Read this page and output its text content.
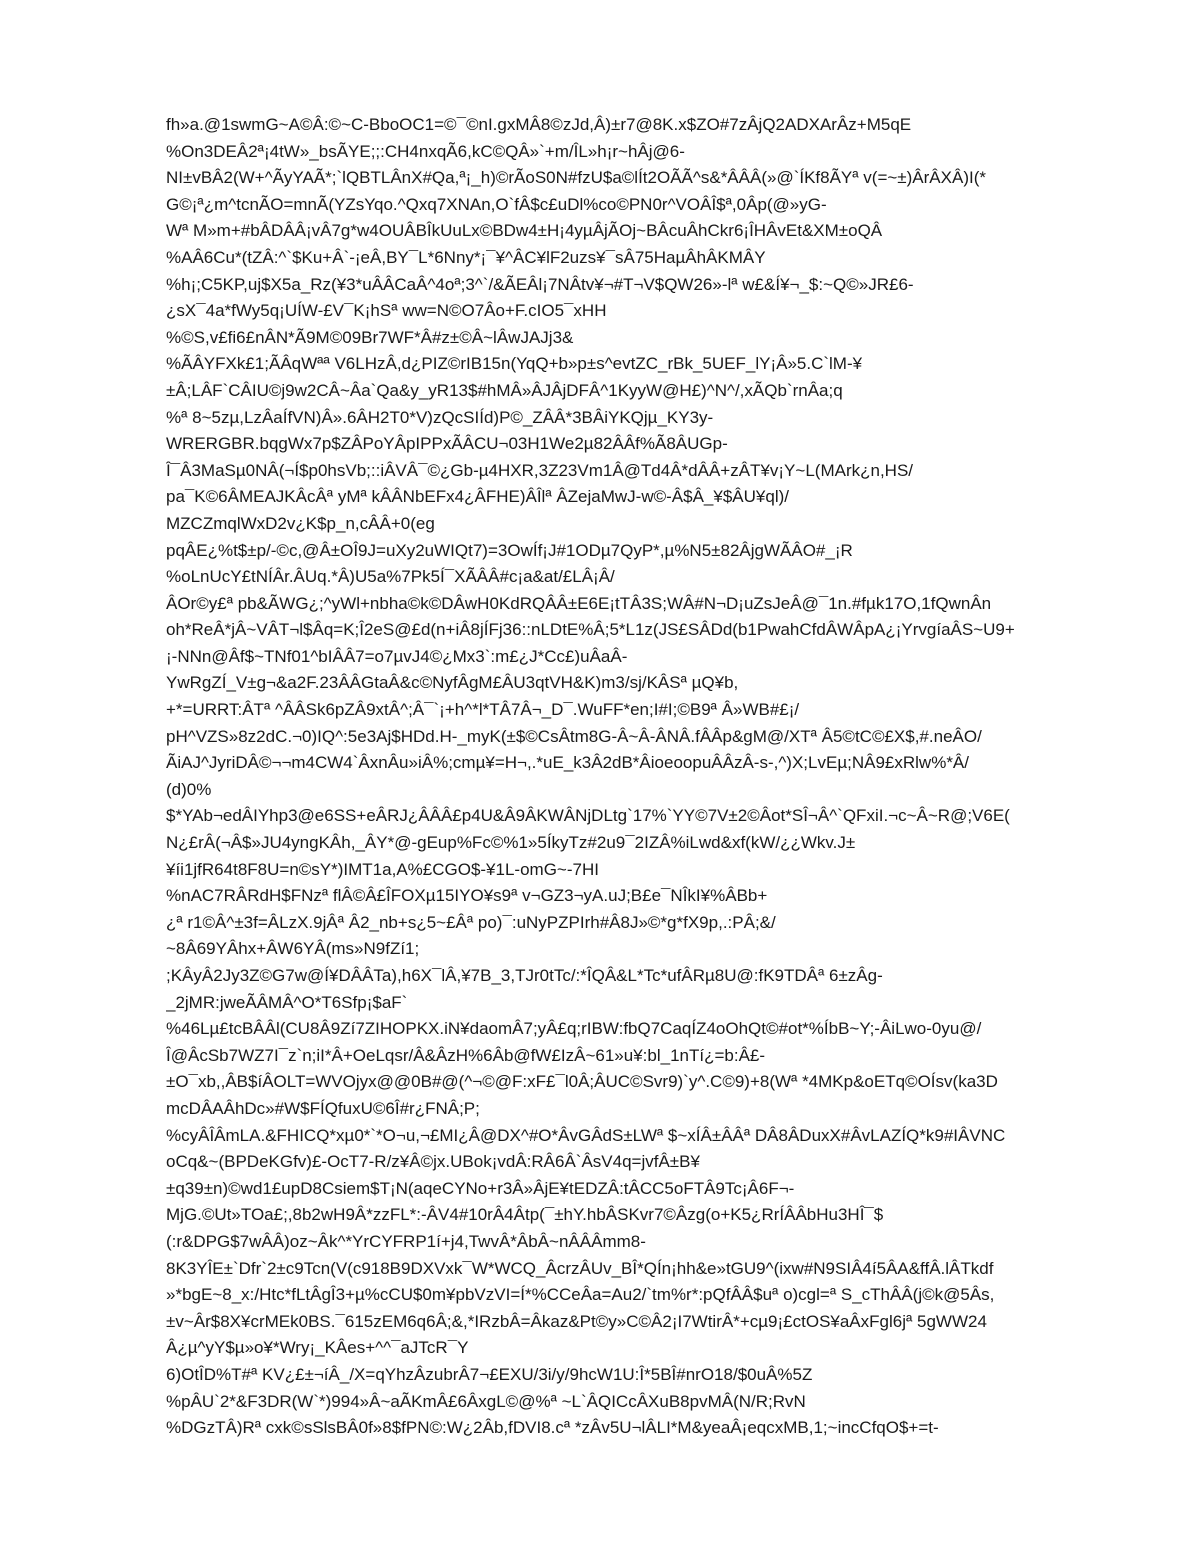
fh»a.@1swmG~A©Â:©~C-BboOC1=©¯©nI.gxMÂ8©zJd,Â)±r7@8K.x$ZO#7zÂjQ2ADXArÂz+M5qE
%On3DEÂ2ª¡4tW»_bsÃYE;;:CH4nxqÃ6,kC©QÂ»`+m/ÎL»h¡r~hÂj@6-
NI±vBÂ2(W+^ÃyYAÃ*;`lQBTLÂnX#Qa,ª¡_h)©rÃoS0N#fzU$a©lÍt2OÃÃ^s&*ÂÂÂ(»@`ÍKf8ÃYª v(=~±)ÂrÂXÂ)I(*
G©¡ª¿m^tcnÃO=mnÃ(YZsYqo.^Qxq7XNAn,O`fÂ$c£uDl%co©PN0r^VOÂÎ$ª,0Âp(@»yG-
Wª M»m+#bÂDÂÂ¡vÂ7g*w4OUÂBÎkUuLx©BDw4±H¡4yµÂjÃOj~BÂcuÂhCkr6¡ÎHÂvEt&XM±oQÂ
%AÂ6Cu*(tZÂ:^`$Ku+Â`-¡eÂ,BY¯L*6Nny*¡¯¥^ÂC¥lF2uzs¥¯sÂ75HaµÂhÂKMÂY
%h¡;C5KP,uj$X5a_Rz(¥3*uÂÂCaÂ^4oª;3^`/&ÃEÂl¡7NÂtv¥¬#T¬V$QW26»-lª w£&Í¥¬_$:~Q©»JR£6-
¿sX¯4a*fWy5q¡UÍW-£V¯K¡hSª ww=N©O7Âo+F.cIO5¯xHH
%©S,v£fi6£nÂN*Ã9M©09Br7WF*Â#z±©Â~lÂwJAJj3&
%ÃÂYFXk£1;ÃÂqWªª V6LHzÂ,d¿PIZ©rIB15n(YqQ+b»p±s^evtZC_rBk_5UEF_lY¡Â»5.C`lM-¥
±Â;LÂF`CÂIU©j9w2CÂ~Âa`Qa&y_yR13$#hMÂ»ÂJÂjDFÂ^1KyyW@H£)^N^/,xÃQb`rnÂa;q
%ª 8~5zµ,LzÂaÍfVN)Â».6ÂH2T0*V)zQcSIÍd)P©_ZÂÂ*3BÂiYKQjµ_KY3y-
WRERGBR.bqgWx7p$ZÂPoYÂpIPPxÃÂCU¬03H1We2µ82ÂÂf%Ã8ÂUGp-
Î¯Â3MaSµ0NÂ(¬Í$p0hsVb;::iÂVÂ¯©¿Gb-µ4HXR,3Z23Vm1Â@Td4Â*dÂÂ+zÂT¥v¡Y~L(MArk¿n,HS/
pa¯K©6ÂMEAJKÂcÂª yMª kÂÂNbEFx4¿ÂFHE)ÂÎlª ÂZejaMwJ-w©-Â$Â_¥$ÂU¥ql)/
MZCZmqlWxD2v¿K$p_n,cÂÂ+0(eg
pqÂE¿%t$±p/-©c,@Â±OÎ9J=uXy2uWIQt7)=3OwÍf¡J#1ODµ7QyP*,µ%N5±82ÂjgWÃÂO#_¡R
%oLnUcY£tNÍÂr.ÂUq.*Â)U5a%7Pk5Í¯XÃÂÂ#c¡a&at/£LÂ¡Â/
ÂOr©y£ª pb&ÃWG¿;^yWl+nbha©k©DÂwH0KdRQÂÂ±E6E¡tTÂ3S;WÂ#N¬D¡uZsJeÂ@¯1n.#fµk17O,1fQwnÂn
oh*ReÂ*jÂ~VÂT¬l$Âq=K;Î2eS@£d(n+iÂ8jÍFj36::nLDtE%Â;5*L1z(JS£SÂDd(b1PwahCfdÂWÂpA¿¡YrvgíaÂS~U9+
¡-NNn@Âf$~TNf01^bIÂÂ7=o7µvJ4©¿Mx3`:m£¿J*Cc£)uÂaÂ-
YwRgZÍ_V±g¬&a2F.23ÂÂGtaÂ&c©NyfÂgM£ÂU3qtVH&K)m3/sj/KÂSª µQ¥b,
+*=URRT:ÂTª ^ÂÂSk6pZÂ9xtÂ^;Â¯`¡+h^*l*TÂ7Â¬_D¯.WuFF*en;I#I;©B9ª Â»WB#£¡/
pH^VZS»8z2dC.¬0)IQ^:5e3Aj$HDd.H-_myK(±$©CsÂtm8G-Â~Â-ÂNÂ.fÂÂp&gM@/XTª Â5©tC©£X$,#.neÂO/
ÃiAJ^JyriDÂ©¬¬m4CW4`ÂxnÂu»iÂ%;cmµ¥=H¬,.*uE_k3Â2dB*ÂioeoopuÂÂzÂ-s-,^)X;LvEµ;NÂ9£xRlw%*Â/
(d)0%
$*YAb¬edÂIYhp3@e6SS+eÂRJ¿ÂÂÂ£p4U&Â9ÂKWÂNjDLtg`17%`YY©7V±2©Âot*SÎ¬Â^`QFxiI.¬c~Â~R@;V6E(
N¿£rÂ(¬Â$»JU4yngKÂh,_ÂY*@-gEup%Fc©%1»5ÍkyTz#2u9¯2IZÂ%iLwd&xf(kW/¿¿Wkv.J±
¥íi1jfR64t8F8U=n©sY*)IMT1a,A%£CGO$-¥1L-omG~-7HI
%nAC7RÂRdH$FNzª flÂ©Â£ÎFOXµ15IYO¥s9ª v¬GZ3¬yA.uJ;B£e¯NÎkI¥%ÂBb+
¿ª r1©Â^±3f=ÂLzX.9jÂª Â2_nb+s¿5~£Âª po)¯:uNyPZPIrh#Â8J»©*g*fX9p,.:PÂ;&/
~8Â69YÂhx+ÂW6YÂ(ms»N9fZí1;
;KÂyÂ2Jy3Z©G7w@Í¥DÂÂTa),h6X¯lÂ,¥7B_3,TJr0tTc/:*ÎQÂ&L*Tc*ufÂRµ8U@:fK9TDÂª 6±zÂg-
_2jMR:jweÃÂMÂ^O*T6Sfp¡$aF`
%46Lµ£tcBÂÂl(CU8Â9Zí7ZIHOPKX.iN¥daomÂ7;yÂ£q;rIBW:fbQ7CaqÍZ4oOhQt©#ot*%ÍbB~Y;-ÂiLwo-0yu@/
Î@ÂcSb7WZ7I¯z`n;iI*Â+OeLqsr/Â&ÂzH%6Âb@fW£IzÂ~61»u¥:bl_1nTí¿=b:Â£-
±O¯xb,,ÂB$íÂOLT=WVOjyx@@0B#@(^¬©@F:xF£¯l0Â;ÂUC©Svr9)`y^.C©9)+8(Wª *4MKp&oETq©OÍsv(ka3D
mcDÂAÂhDc»#W$FÍQfuxU©6Î#r¿FNÂ;P;
%cyÂÎÂmLA.&FHICQ*xµ0*`*O¬u,¬£MI¿Â@DX^#O*ÂvGÂdS±LWª $~xÍÂ±ÂÂª DÂ8ÂDuxX#ÂvLAZÍQ*k9#IÂVNC
oCq&~(BPDeKGfv)£-OcT7-R/z¥Â©jx.UBok¡vdÂ:RÂ6Â`ÂsV4q=jvfÂ±B¥
±q39±n)©wd1£upD8Csiem$T¡N(aqeCYNo+r3Â»ÂjE¥tEDZÂ:tÂCC5oFTÂ9Tc¡Â6F¬-
MjG.©Ut»TOa£;,8b2wH9Â*zzFL*:-ÂV4#10rÂ4Âtp(¯±hY.hbÂSKvr7©Âzg(o+K5¿RrÍÂÂbHu3HÎ¯$
(:r&DPG$7wÂÂ)oz~Âk^*YrCYFRP1í+j4,TwvÂ*ÂbÂ~nÂÂÂmm8-
8K3YÎE±`Dfr`2±c9Tcn(V(c918B9DXVxk¯W*WCQ_ÂcrzÂUv_BÎ*QÍn¡hh&e»tGU9^(ixw#N9SIÂ4í5ÂA&ffÂ.lÂTkdf
»*bgE~8_x:/Htc*fLtÂgÎ3+µ%cCU$0m¥pbVzVI=Í*%CCeÂa=Au2/`tm%r*:pQfÂÂ$uª o)cgl=ª S_cThÂÂ(j©k@5Âs,
±v~Âr$8X¥crMEk0BS.¯615zEM6q6Â;&,*IRzbÂ=Âkaz&Pt©y»C©Â2¡I7WtirÂ*+cµ9¡£ctOS¥aÂxFgl6jª 5gWW24
Â¿µ^yY$µ»o¥*Wry¡_KÂes+^^¯aJTcR¯Y
6)OtÎD%T#ª KV¿£±¬íÂ_/X=qYhzÂzubrÂ7¬£EXU/3i/y/9hcW1U:Î*5BÎ#nrO18/$0uÂ%5Z
%pÂU`2*&F3DR(W`*)994»Â~aÃKmÂ£6ÂxgL©@%ª ~L`ÂQICcÂXuB8pvMÂ(N/R;RvN
%DGzTÂ)Rª cxk©sSlsBÂ0f»8$fPN©:W¿2Âb,fDVI8.cª *zÂv5U¬lÂLI*M&yeaÂ¡eqcxMB,1;~incCfqO$+=t-
